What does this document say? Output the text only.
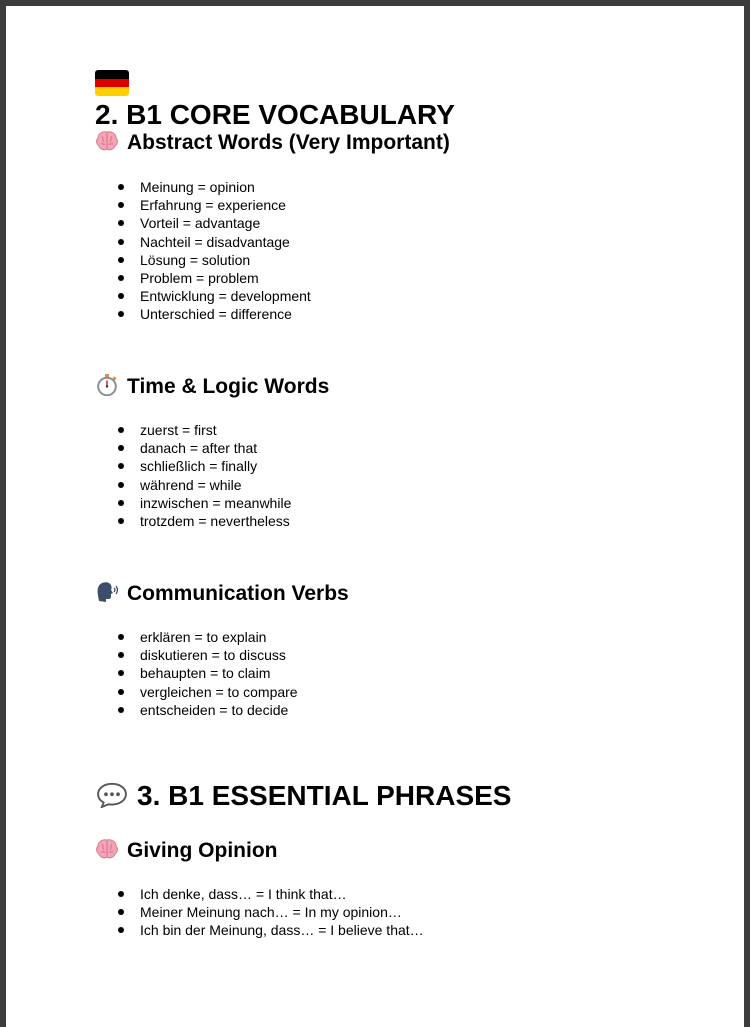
2. B1 CORE VOCABULARY
Abstract Words (Very Important)
Meinung = opinion
Erfahrung = experience
Vorteil = advantage
Nachteil = disadvantage
Lösung = solution
Problem = problem
Entwicklung = development
Unterschied = difference
Time & Logic Words
zuerst = first
danach = after that
schließlich = finally
während = while
inzwischen = meanwhile
trotzdem = nevertheless
Communication Verbs
erklären = to explain
diskutieren = to discuss
behaupten = to claim
vergleichen = to compare
entscheiden = to decide
3. B1 ESSENTIAL PHRASES
Giving Opinion
Ich denke, dass… = I think that…
Meiner Meinung nach… = In my opinion…
Ich bin der Meinung, dass… = I believe that…
